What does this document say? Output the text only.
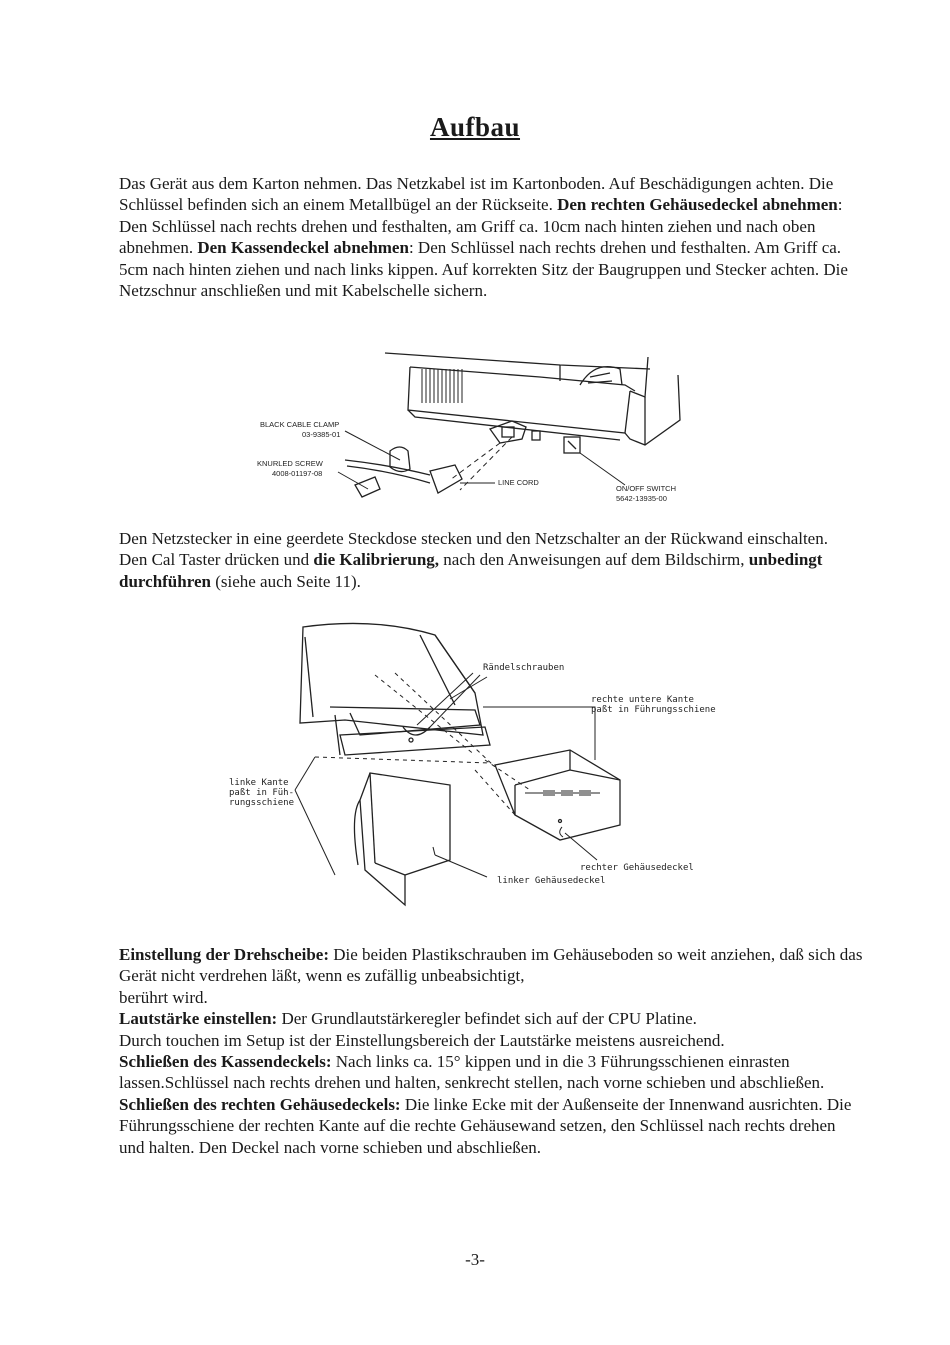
Aufbau
Das Gerät aus dem Karton nehmen. Das Netzkabel ist im Kartonboden. Auf Beschädigungen achten. Die Schlüssel befinden sich an einem Metallbügel an der Rückseite. Den rechten Gehäusedeckel abnehmen: Den Schlüssel nach rechts drehen und festhalten, am Griff ca. 10cm nach hinten ziehen und nach oben abnehmen. Den Kassendeckel abnehmen: Den Schlüssel nach rechts drehen und festhalten. Am Griff ca. 5cm nach hinten ziehen und nach links kippen. Auf korrekten Sitz der Baugruppen und Stecker achten. Die Netzschnur anschließen und mit Kabelschelle sichern.
BLACK CABLE CLAMP
03-9385-01
KNURLED SCREW
4008-01197-08
LINE CORD
ON/OFF SWITCH
5642-13935-00
Den Netzstecker in eine geerdete Steckdose stecken und den Netzschalter an der Rückwand einschalten. Den Cal Taster drücken und die Kalibrierung, nach den Anweisungen auf dem Bildschirm, unbedingt durchführen (siehe auch Seite 11).
Rändelschrauben
rechte untere Kante
paßt in Führungsschiene
linke Kante
paßt in Füh-
rungsschiene
rechter Gehäusedeckel
linker Gehäusedeckel
Einstellung der Drehscheibe: Die beiden Plastikschrauben im Gehäuseboden so weit anziehen, daß sich das Gerät nicht verdrehen läßt, wenn es zufällig unbeabsichtigt,
berührt wird.
Lautstärke einstellen: Der Grundlautstärkeregler befindet sich auf der CPU Platine.
Durch touchen im Setup ist der Einstellungsbereich der Lautstärke meistens ausreichend.
Schließen des Kassendeckels: Nach links ca. 15° kippen und in die 3 Führungsschienen einrasten lassen.Schlüssel nach rechts drehen und halten, senkrecht stellen, nach vorne schieben und abschließen.
Schließen des rechten Gehäusedeckels: Die linke Ecke mit der Außenseite der Innenwand ausrichten. Die Führungsschiene der rechten Kante auf die rechte Gehäusewand setzen, den Schlüssel nach rechts drehen und halten. Den Deckel nach vorne schieben und abschließen.
-3-
